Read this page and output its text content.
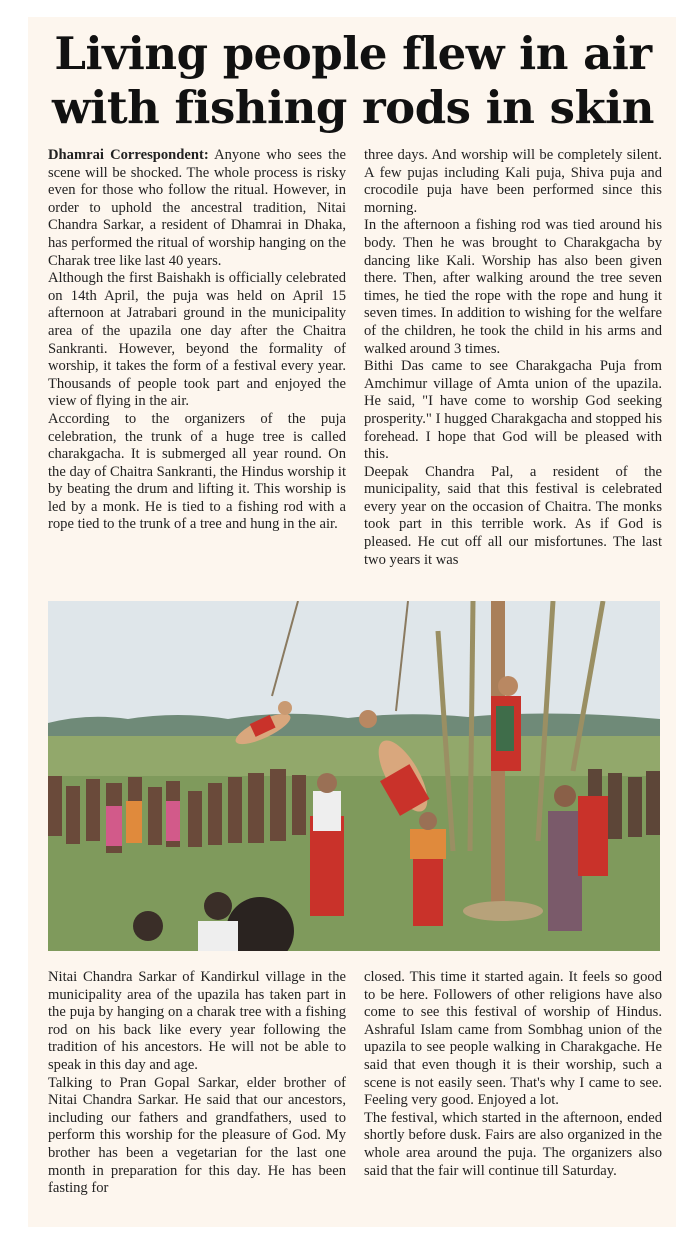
Living people flew in air with fishing rods in skin

Dhamrai Correspondent: Anyone who sees the scene will be shocked. The whole process is risky even for those who follow the ritual. However, in order to uphold the ancestral tradition, Nitai Chandra Sarkar, a resident of Dhamrai in Dhaka, has performed the ritual of worship hanging on the Charak tree like last 40 years.

Although the first Baishakh is officially celebrated on 14th April, the puja was held on April 15 afternoon at Jatrabari ground in the municipality area of the upazila one day after the Chaitra Sankranti. However, beyond the formality of worship, it takes the form of a festival every year. Thousands of people took part and enjoyed the view of flying in the air.

According to the organizers of the puja celebration, the trunk of a huge tree is called charakgacha. It is submerged all year round. On the day of Chaitra Sankranti, the Hindus worship it by beating the drum and lifting it. This worship is led by a monk. He is tied to a fishing rod with a rope tied to the trunk of a tree and hung in the air.

three days. And worship will be completely silent. A few pujas including Kali puja, Shiva puja and crocodile puja have been performed since this morning.

In the afternoon a fishing rod was tied around his body. Then he was brought to Charakgacha by dancing like Kali. Worship has also been given there. Then, after walking around the tree seven times, he tied the rope with the rope and hung it seven times. In addition to wishing for the welfare of the children, he took the child in his arms and walked around 3 times.

Bithi Das came to see Charakgacha Puja from Amchimur village of Amta union of the upazila. He said, "I have come to worship God seeking prosperity." I hugged Charakgacha and stopped his forehead. I hope that God will be pleased with this.

Deepak Chandra Pal, a resident of the municipality, said that this festival is celebrated every year on the occasion of Chaitra. The monks took part in this terrible work. As if God is pleased. He cut off all our misfortunes. The last two years it was

Nitai Chandra Sarkar of Kandirkul village in the municipality area of the upazila has taken part in the puja by hanging on a charak tree with a fishing rod on his back like every year following the tradition of his ancestors. He will not be able to speak in this day and age.

Talking to Pran Gopal Sarkar, elder brother of Nitai Chandra Sarkar. He said that our ancestors, including our fathers and grandfathers, used to perform this worship for the pleasure of God. My brother has been a vegetarian for the last one month in preparation for this day. He has been fasting for

closed. This time it started again. It feels so good to be here. Followers of other religions have also come to see this festival of worship of Hindus. Ashraful Islam came from Sombhag union of the upazila to see people walking in Charakgache. He said that even though it is their worship, such a scene is not easily seen. That's why I came to see. Feeling very good. Enjoyed a lot.

The festival, which started in the afternoon, ended shortly before dusk. Fairs are also organized in the whole area around the puja. The organizers also said that the fair will continue till Saturday.
